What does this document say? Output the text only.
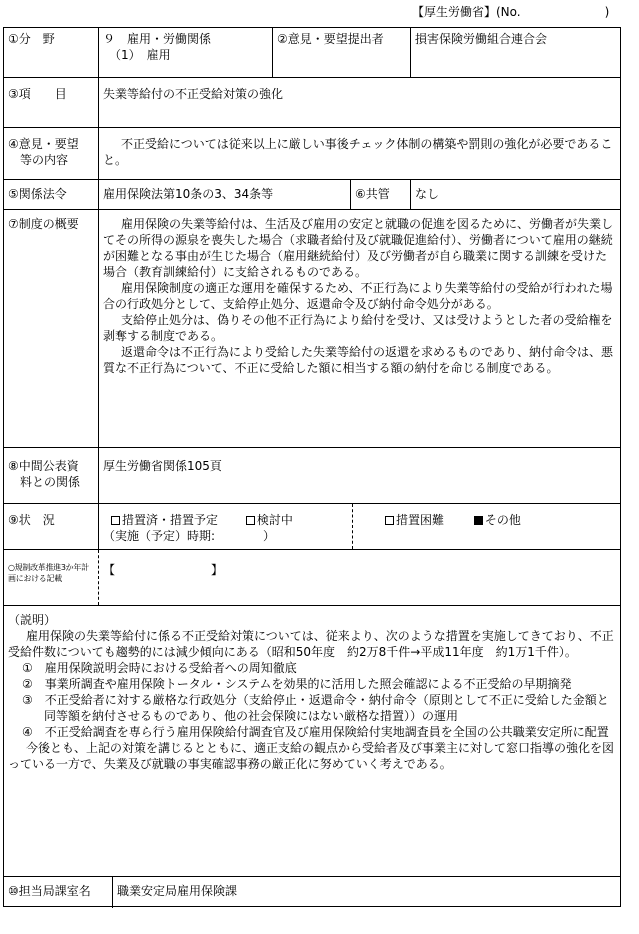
【厚生労働省】(No.　　　　　　　)
①分　野	９　雇用・労働関係
（1）　雇用
②意見・要望提出者	損害保険労働組合連合会
③項　　目	失業等給付の不正受給対策の強化
④意見・要望
等の内容

不正受給については従来以上に厳しい事後チェック体制の構築や罰則の強化が必要であること。

⑤関係法令	雇用保険法第10条の3、34条等	⑥共管	なし
⑦制度の概要	雇用保険の失業等給付は、生活及び雇用の安定と就職の促進を図るために、労働者が失業してその所得の源泉を喪失した場合（求職者給付及び就職促進給付）、労働者について雇用の継続が困難となる事由が生じた場合（雇用継続給付）及び労働者が自ら職業に関する訓練を受けた場合（教育訓練給付）に支給されるものである。

雇用保険制度の適正な運用を確保するため、不正行為により失業等給付の受給が行われた場合の行政処分として、支給停止処分、返還命令及び納付命令処分がある。

支給停止処分は、偽りその他不正行為により給付を受け、又は受けようとした者の受給権を剥奪する制度である。

返還命令は不正行為により受給した失業等給付の返還を求めるものであり、納付命令は、悪質な不正行為について、不正に受給した額に相当する額の納付を命じる制度である。

⑧中間公表資
料との関係
厚生労働省関係105頁
⑨状　況	措置済・措置予定	検討中
（実施（予定）時期:　　　　）
措置困難	その他
○規制改革推進3か年計画における記載
【　　　　　　　　】
（説明）

雇用保険の失業等給付に係る不正受給対策については、従来より、次のような措置を実施してきており、不正受給件数についても趨勢的には減少傾向にある（昭和50年度　約2万8千件→平成11年度　約1万1千件）。

①　雇用保険説明会時における受給者への周知徹底
②　事業所調査や雇用保険トータル・システムを効果的に活用した照会確認による不正受給の早期摘発
③　不正受給者に対する厳格な行政処分（支給停止・返還命令・納付命令（原則として不正に受給した金額と同等額を納付させるものであり、他の社会保険にはない厳格な措置））の運用
④　不正受給調査を専ら行う雇用保険給付調査官及び雇用保険給付実地調査員を全国の公共職業安定所に配置

今後とも、上記の対策を講じるとともに、適正支給の観点から受給者及び事業主に対して窓口指導の強化を図っている一方で、失業及び就職の事実確認事務の厳正化に努めていく考えである。

⑩担当局課室名	職業安定局雇用保険課
